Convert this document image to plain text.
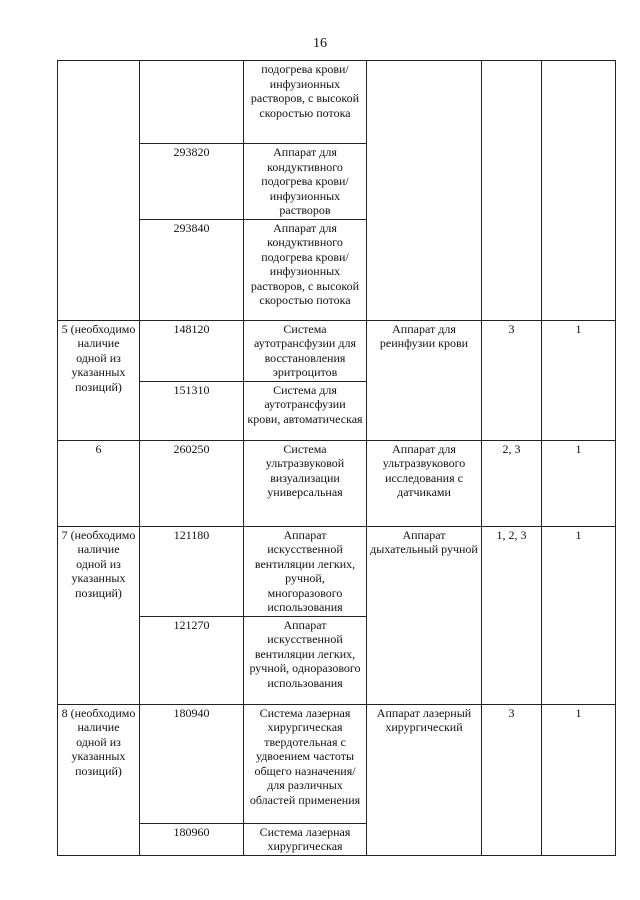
16
		подогрева крови/ инфузионных растворов, с высокой скоростью потока			
	293820	Аппарат для кондуктивного подогрева крови/ инфузионных растворов			
	293840	Аппарат для кондуктивного подогрева крови/ инфузионных растворов, с высокой скоростью потока			
5 (необходимо наличие одной из указанных позиций)	148120	Система аутотрансфузии для восстановления эритроцитов	Аппарат для реинфузии крови	3	1
	151310	Система для аутотрансфузии крови, автоматическая			
6	260250	Система ультразвуковой визуализации универсальная	Аппарат для ультразвукового исследования с датчиками	2, 3	1
7 (необходимо наличие одной из указанных позиций)	121180	Аппарат искусственной вентиляции легких, ручной, многоразового использования	Аппарат дыхательный ручной	1, 2, 3	1
	121270	Аппарат искусственной вентиляции легких, ручной, одноразового использования			
8 (необходимо наличие одной из указанных позиций)	180940	Система лазерная хирургическая твердотельная с удвоением частоты общего назначения/ для различных областей применения	Аппарат лазерный хирургический	3	1
	180960	Система лазерная хирургическая			
